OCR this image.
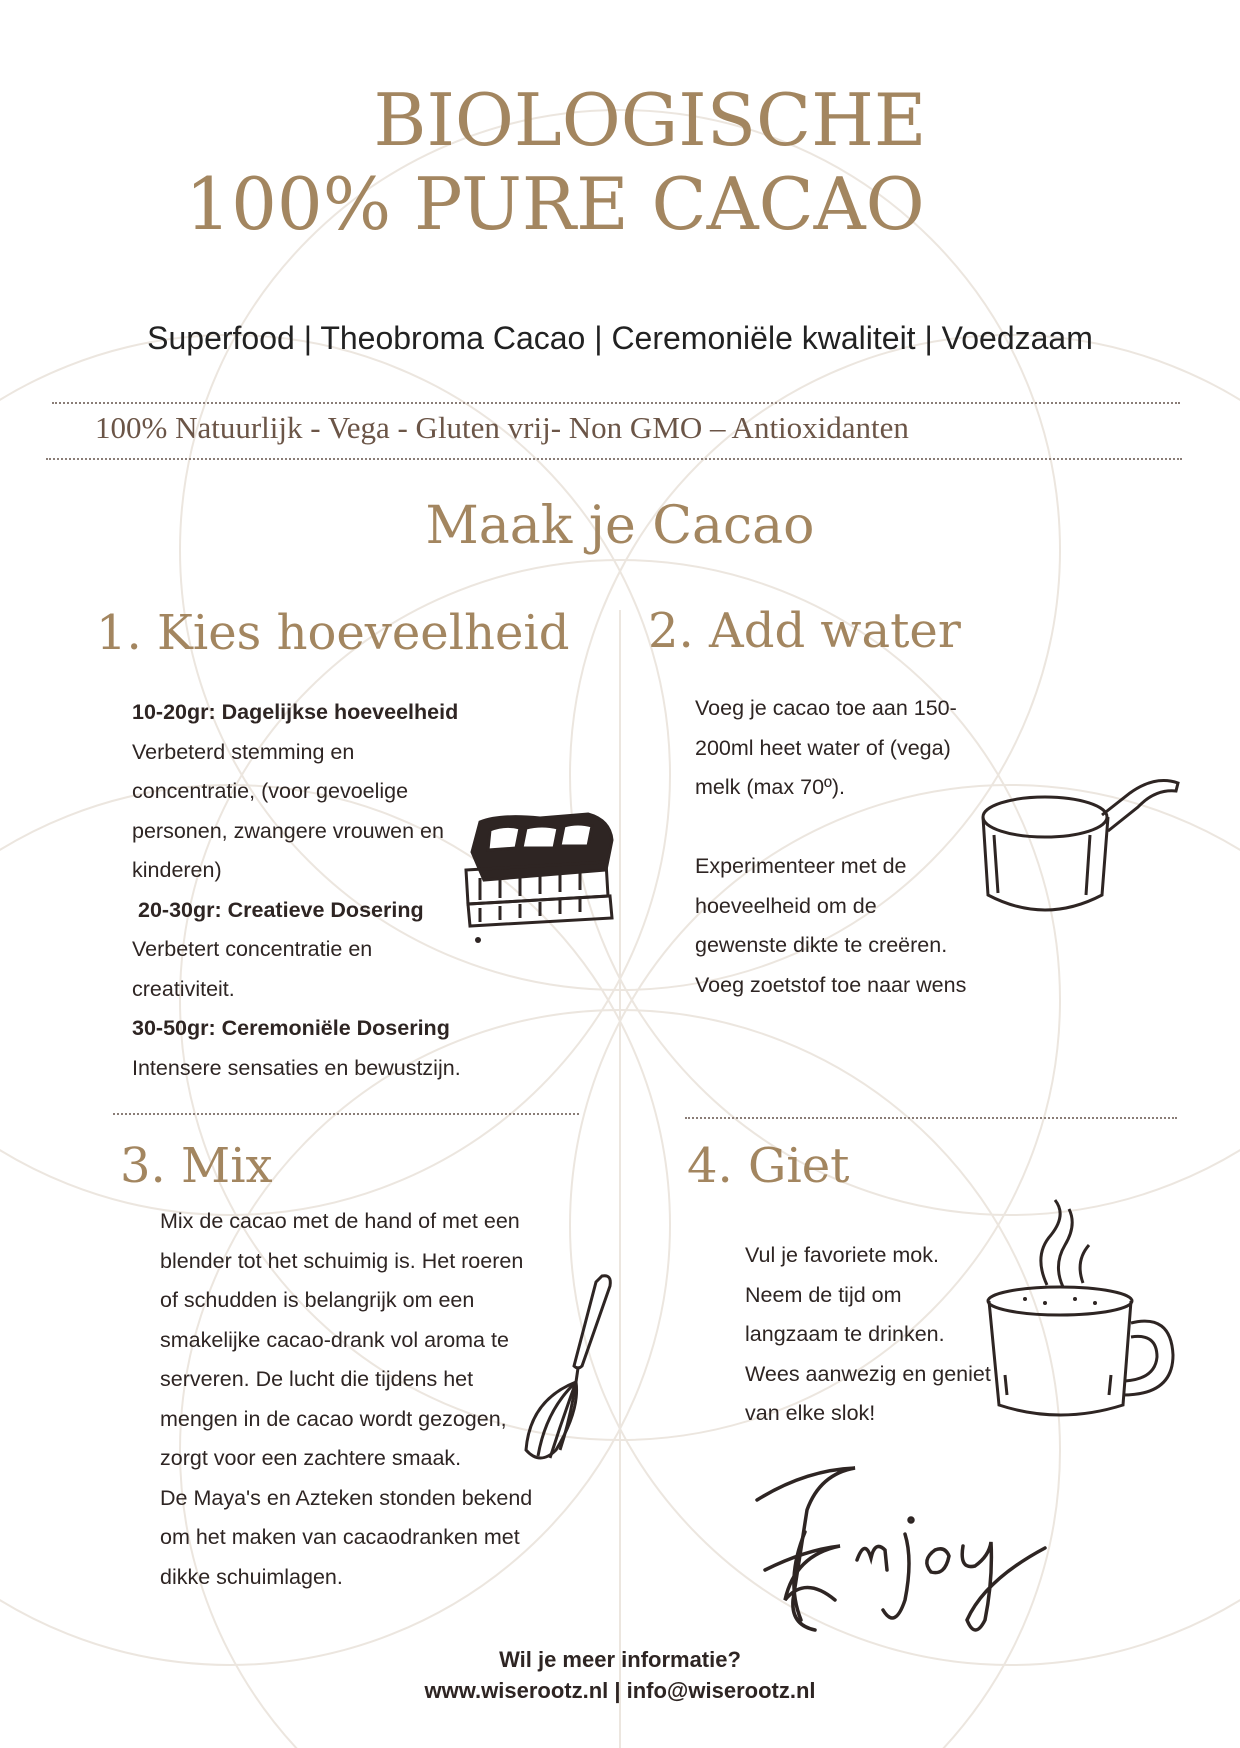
BIOLOGISCHE
100% PURE CACAO
Superfood | Theobroma Cacao | Ceremoniële kwaliteit | Voedzaam
100% Natuurlijk - Vega - Gluten vrij- Non GMO – Antioxidanten
Maak je Cacao
1. Kies hoeveelheid
10-20gr: Dagelijkse hoeveelheid
Verbeterd stemming en
concentratie, (voor gevoelige
personen, zwangere vrouwen en
kinderen)
20-30gr: Creatieve Dosering
Verbetert concentratie en
creativiteit.
30-50gr: Ceremoniële Dosering
Intensere sensaties en bewustzijn.
2. Add water
Voeg je cacao toe aan 150-
200ml heet water of (vega)
melk (max 70º).

Experimenteer met de
hoeveelheid om de
gewenste dikte te creëren.
Voeg zoetstof toe naar wens
3. Mix
Mix de cacao met de hand of met een
blender tot het schuimig is. Het roeren
of schudden is belangrijk om een
smakelijke cacao-drank vol aroma te
serveren. De lucht die tijdens het
mengen in de cacao wordt gezogen,
zorgt voor een zachtere smaak.
De Maya's en Azteken stonden bekend
om het maken van cacaodranken met
dikke schuimlagen.
4. Giet
Vul je favoriete mok.
Neem de tijd om
langzaam te drinken.
Wees aanwezig en geniet
van elke slok!
Wil je meer informatie?
www.wiserootz.nl | info@wiserootz.nl
